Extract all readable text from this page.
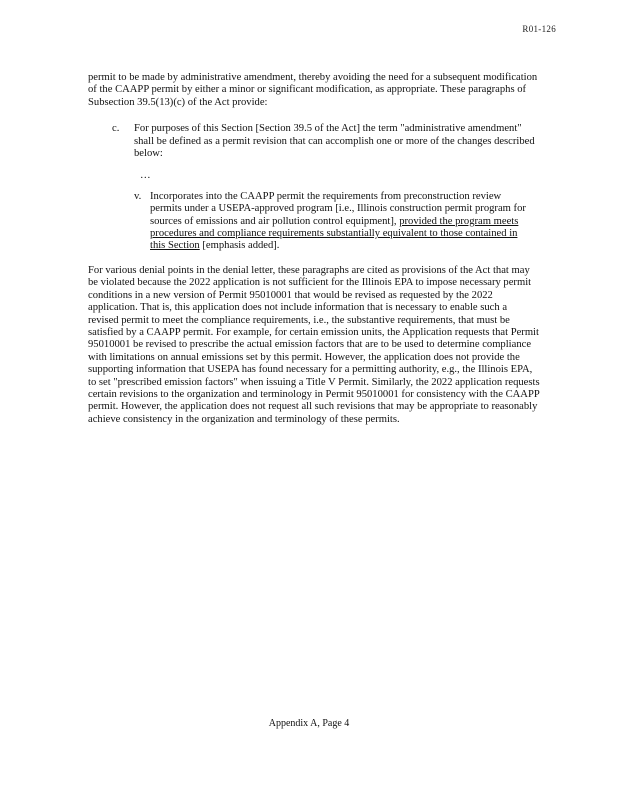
R01-126

permit to be made by administrative amendment, thereby avoiding the need for a subsequent modification of the CAAPP permit by either a minor or significant modification, as appropriate. These paragraphs of Subsection 39.5(13)(c) of the Act provide:

c. For purposes of this Section [Section 39.5 of the Act] the term "administrative amendment" shall be defined as a permit revision that can accomplish one or more of the changes described below:

…

v. Incorporates into the CAAPP permit the requirements from preconstruction review permits under a USEPA-approved program [i.e., Illinois construction permit program for sources of emissions and air pollution control equipment], provided the program meets procedures and compliance requirements substantially equivalent to those contained in this Section [emphasis added].

For various denial points in the denial letter, these paragraphs are cited as provisions of the Act that may be violated because the 2022 application is not sufficient for the Illinois EPA to impose necessary permit conditions in a new version of Permit 95010001 that would be revised as requested by the 2022 application. That is, this application does not include information that is necessary to enable such a revised permit to meet the compliance requirements, i.e., the substantive requirements, that must be satisfied by a CAAPP permit. For example, for certain emission units, the Application requests that Permit 95010001 be revised to prescribe the actual emission factors that are to be used to determine compliance with limitations on annual emissions set by this permit. However, the application does not provide the supporting information that USEPA has found necessary for a permitting authority, e.g., the Illinois EPA, to set "prescribed emission factors" when issuing a Title V Permit. Similarly, the 2022 application requests certain revisions to the organization and terminology in Permit 95010001 for consistency with the CAAPP permit. However, the application does not request all such revisions that may be appropriate to reasonably achieve consistency in the organization and terminology of these permits.

Appendix A, Page 4
